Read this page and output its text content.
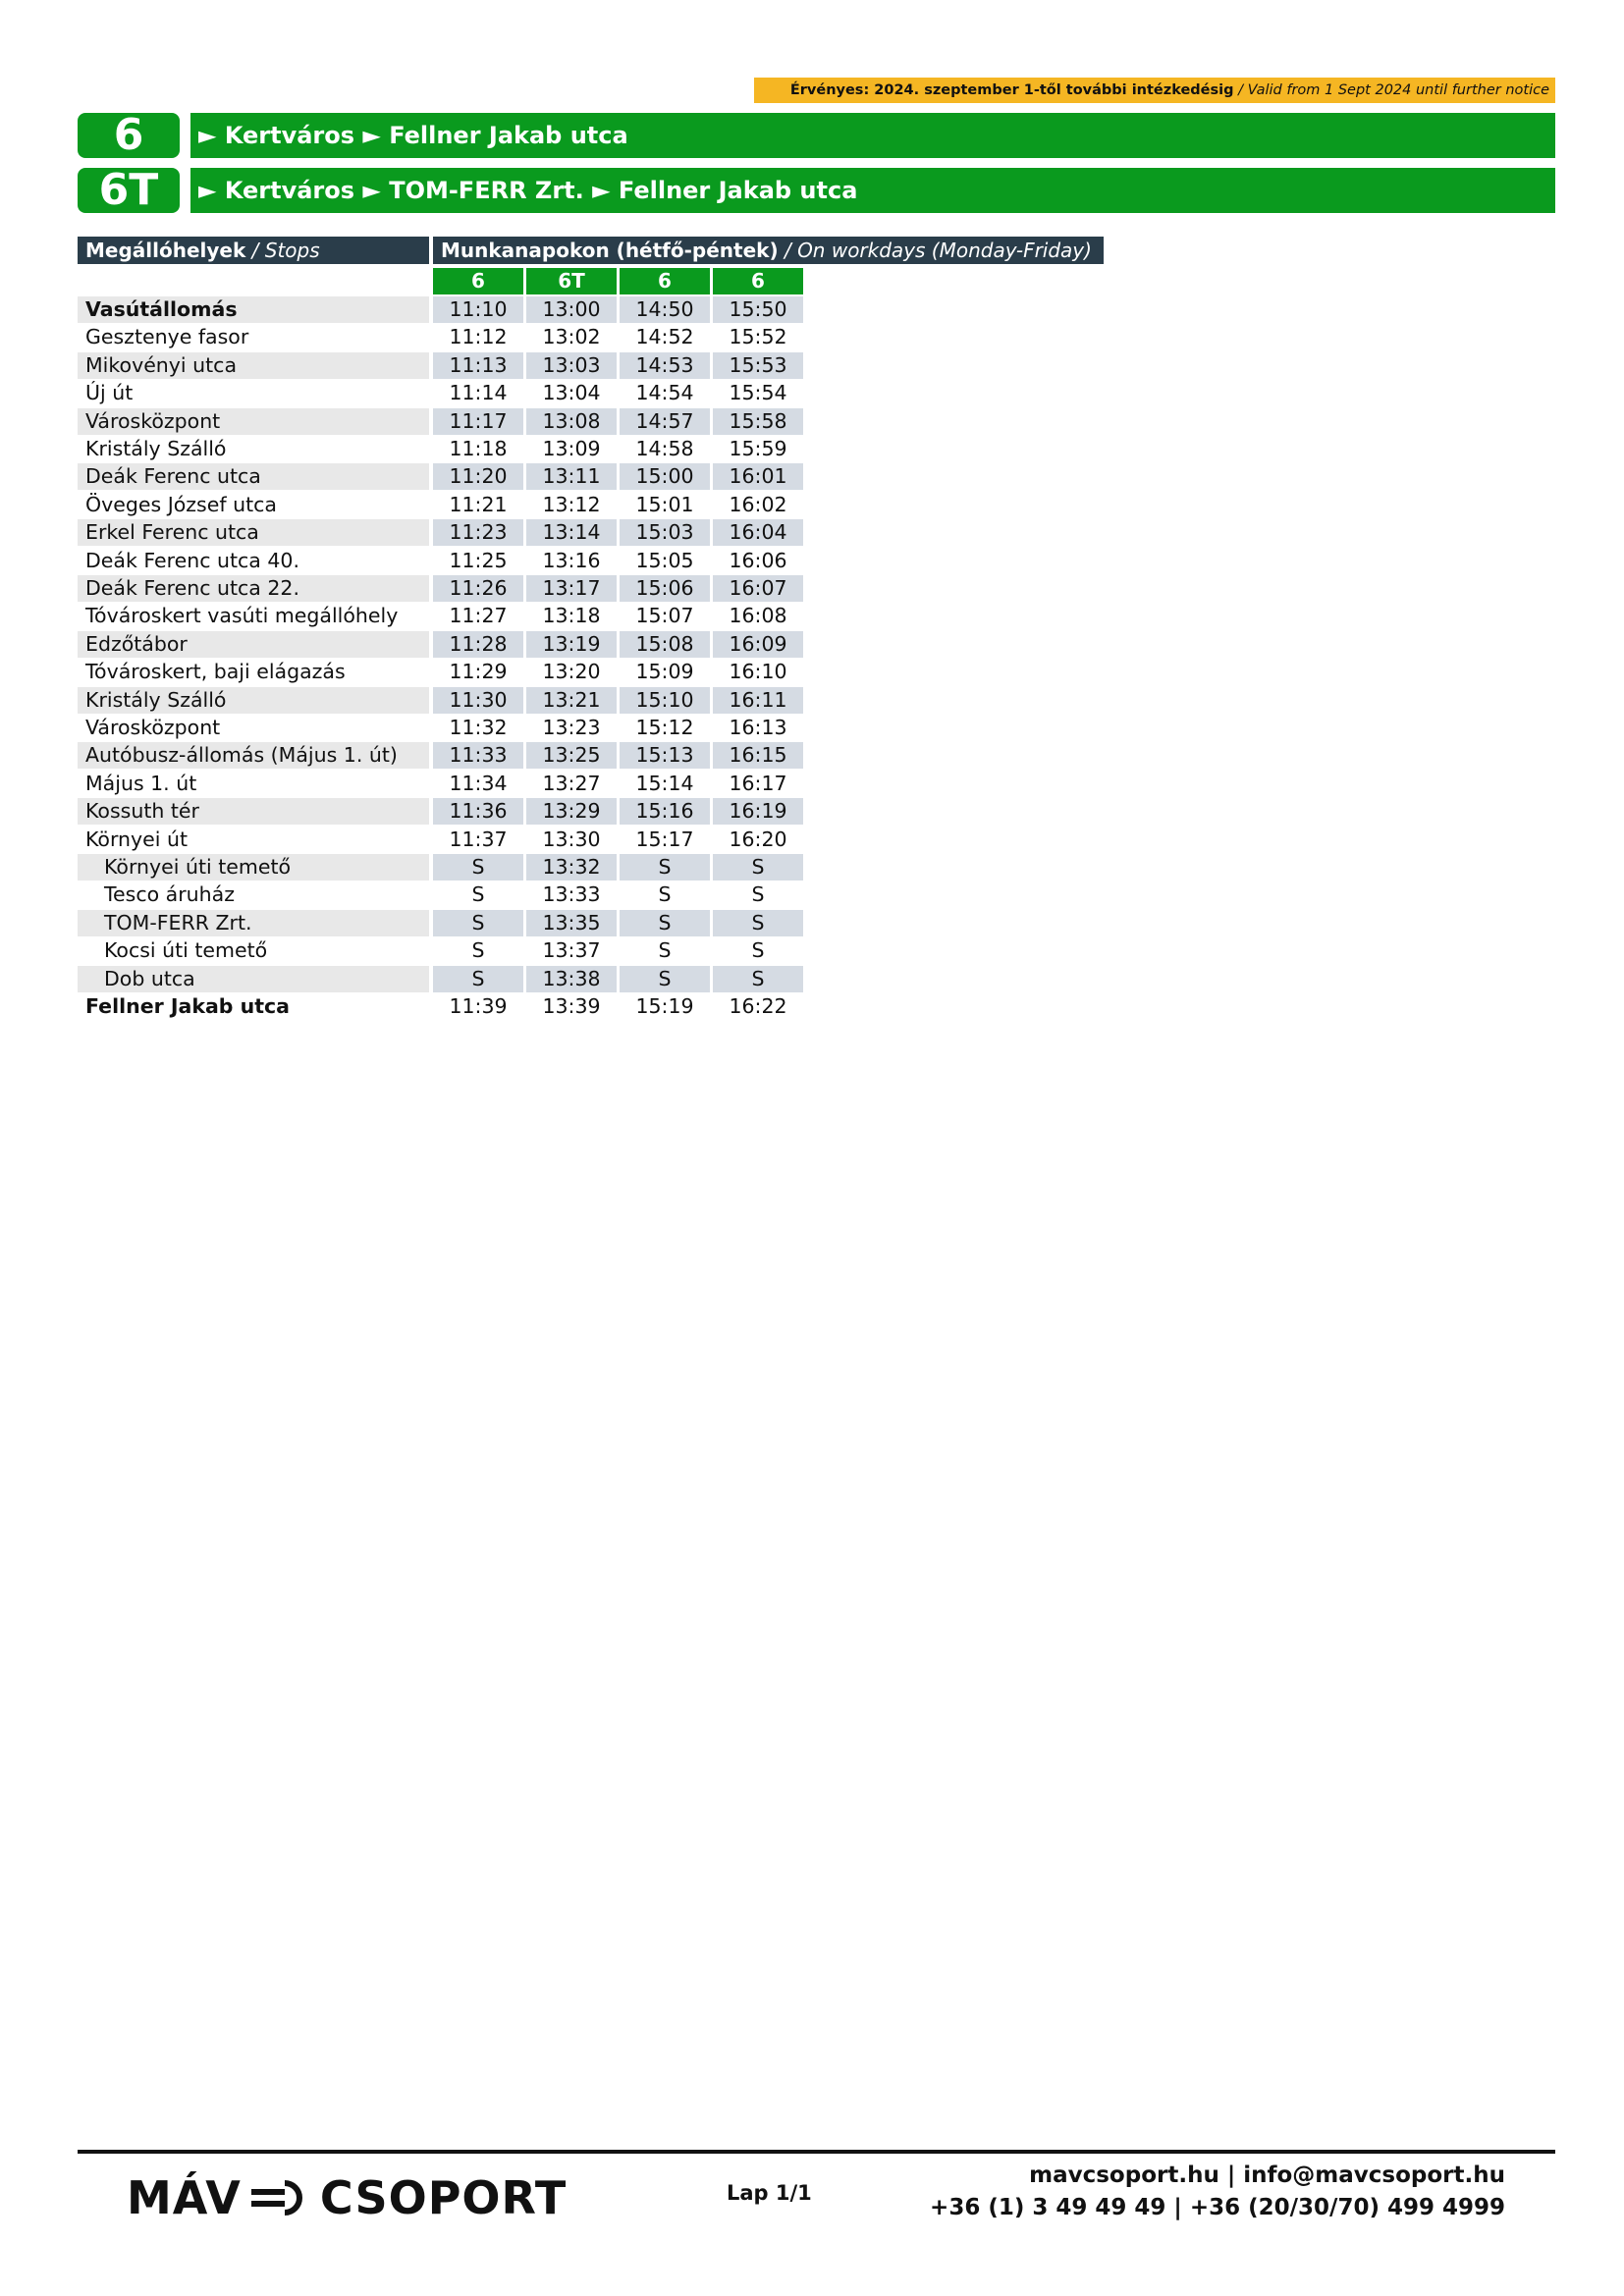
Érvényes: 2024. szeptember 1-től további intézkedésig / Valid from 1 Sept 2024 until further notice
6	► Kertváros ► Fellner Jakab utca
6T	► Kertváros ► TOM-FERR Zrt. ► Fellner Jakab utca
Megállóhelyek / Stops	Munkanapokon (hétfő-péntek) / On workdays (Monday-Friday)
6	6T	6	6
Vasútállomás	11:10	13:00	14:50	15:50
Gesztenye fasor	11:12	13:02	14:52	15:52
Mikovényi utca	11:13	13:03	14:53	15:53
Új út	11:14	13:04	14:54	15:54
Városközpont	11:17	13:08	14:57	15:58
Kristály Szálló	11:18	13:09	14:58	15:59
Deák Ferenc utca	11:20	13:11	15:00	16:01
Öveges József utca	11:21	13:12	15:01	16:02
Erkel Ferenc utca	11:23	13:14	15:03	16:04
Deák Ferenc utca 40.	11:25	13:16	15:05	16:06
Deák Ferenc utca 22.	11:26	13:17	15:06	16:07
Tóvároskert vasúti megállóhely	11:27	13:18	15:07	16:08
Edzőtábor	11:28	13:19	15:08	16:09
Tóvároskert, baji elágazás	11:29	13:20	15:09	16:10
Kristály Szálló	11:30	13:21	15:10	16:11
Városközpont	11:32	13:23	15:12	16:13
Autóbusz-állomás (Május 1. út)	11:33	13:25	15:13	16:15
Május 1. út	11:34	13:27	15:14	16:17
Kossuth tér	11:36	13:29	15:16	16:19
Környei út	11:37	13:30	15:17	16:20
Környei úti temető	S	13:32	S	S
Tesco áruház	S	13:33	S	S
TOM-FERR Zrt.	S	13:35	S	S
Kocsi úti temető	S	13:37	S	S
Dob utca	S	13:38	S	S
Fellner Jakab utca	11:39	13:39	15:19	16:22
MÁV CSOPORT	Lap 1/1
mavcsoport.hu | info@mavcsoport.hu
+36 (1) 3 49 49 49 | +36 (20/30/70) 499 4999
